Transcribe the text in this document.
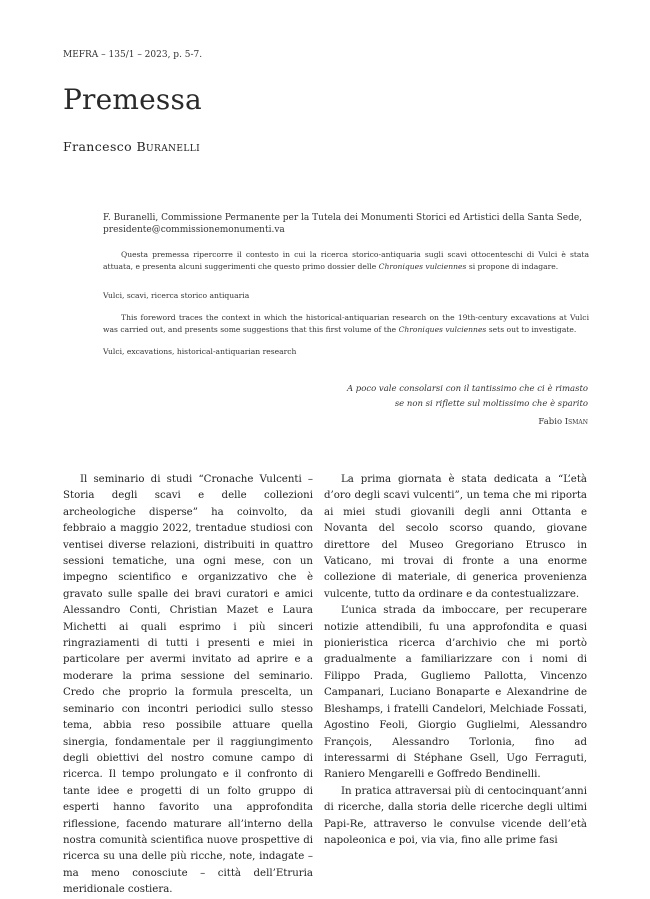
MEFRA – 135/1 – 2023, p. 5-7.
Premessa
Francesco Buranelli
F. Buranelli, Commissione Permanente per la Tutela dei Monumenti Storici ed Artistici della Santa Sede, presidente@commissionemonumenti.va

Questa premessa ripercorre il contesto in cui la ricerca storico-antiquaria sugli scavi ottocenteschi di Vulci è stata attuata, e presenta alcuni suggerimenti che questo primo dossier delle Chroniques vulciennes si propone di indagare.

Vulci, scavi, ricerca storico antiquaria

This foreword traces the context in which the historical-antiquarian research on the 19th-century excavations at Vulci was carried out, and presents some suggestions that this first volume of the Chroniques vulciennes sets out to investigate.

Vulci, excavations, historical-antiquarian research

A poco vale consolarsi con il tantissimo che ci è rimasto
se non si riflette sul moltissimo che è sparito
Fabio Isman

Il seminario di studi “Cronache Vulcenti – Storia degli scavi e delle collezioni archeologiche disperse” ha coinvolto, da febbraio a maggio 2022, trentadue studiosi con ventisei diverse relazioni, distribuiti in quattro sessioni tematiche, una ogni mese, con un impegno scientifico e organizzativo che è gravato sulle spalle dei bravi curatori e amici Alessandro Conti, Christian Mazet e Laura Michetti ai quali esprimo i più sinceri ringraziamenti di tutti i presenti e miei in particolare per avermi invitato ad aprire e a moderare la prima sessione del seminario. Credo che proprio la formula prescelta, un seminario con incontri periodici sullo stesso tema, abbia reso possibile attuare quella sinergia, fondamentale per il raggiungimento degli obiettivi del nostro comune campo di ricerca. Il tempo prolungato e il confronto di tante idee e progetti di un folto gruppo di esperti hanno favorito una approfondita riflessione, facendo maturare all’interno della nostra comunità scientifica nuove prospettive di ricerca su una delle più ricche, note, indagate – ma meno conosciute – città dell’Etruria meridionale costiera.

La prima giornata è stata dedicata a “L’età d’oro degli scavi vulcenti”, un tema che mi riporta ai miei studi giovanili degli anni Ottanta e Novanta del secolo scorso quando, giovane direttore del Museo Gregoriano Etrusco in Vaticano, mi trovai di fronte a una enorme collezione di materiale, di generica provenienza vulcente, tutto da ordinare e da contestualizzare.

L’unica strada da imboccare, per recuperare notizie attendibili, fu una approfondita e quasi pionieristica ricerca d’archivio che mi portò gradualmente a familiarizzare con i nomi di Filippo Prada, Gugliemo Pallotta, Vincenzo Campanari, Luciano Bonaparte e Alexandrine de Bleshamps, i fratelli Candelori, Melchiade Fossati, Agostino Feoli, Giorgio Guglielmi, Alessandro François, Alessandro Torlonia, fino ad interessarmi di Stéphane Gsell, Ugo Ferraguti, Raniero Mengarelli e Goffredo Bendinelli.

In pratica attraversai più di centocinquant’anni di ricerche, dalla storia delle ricerche degli ultimi Papi-Re, attraverso le convulse vicende dell’età napoleonica e poi, via via, fino alle prime fasi
